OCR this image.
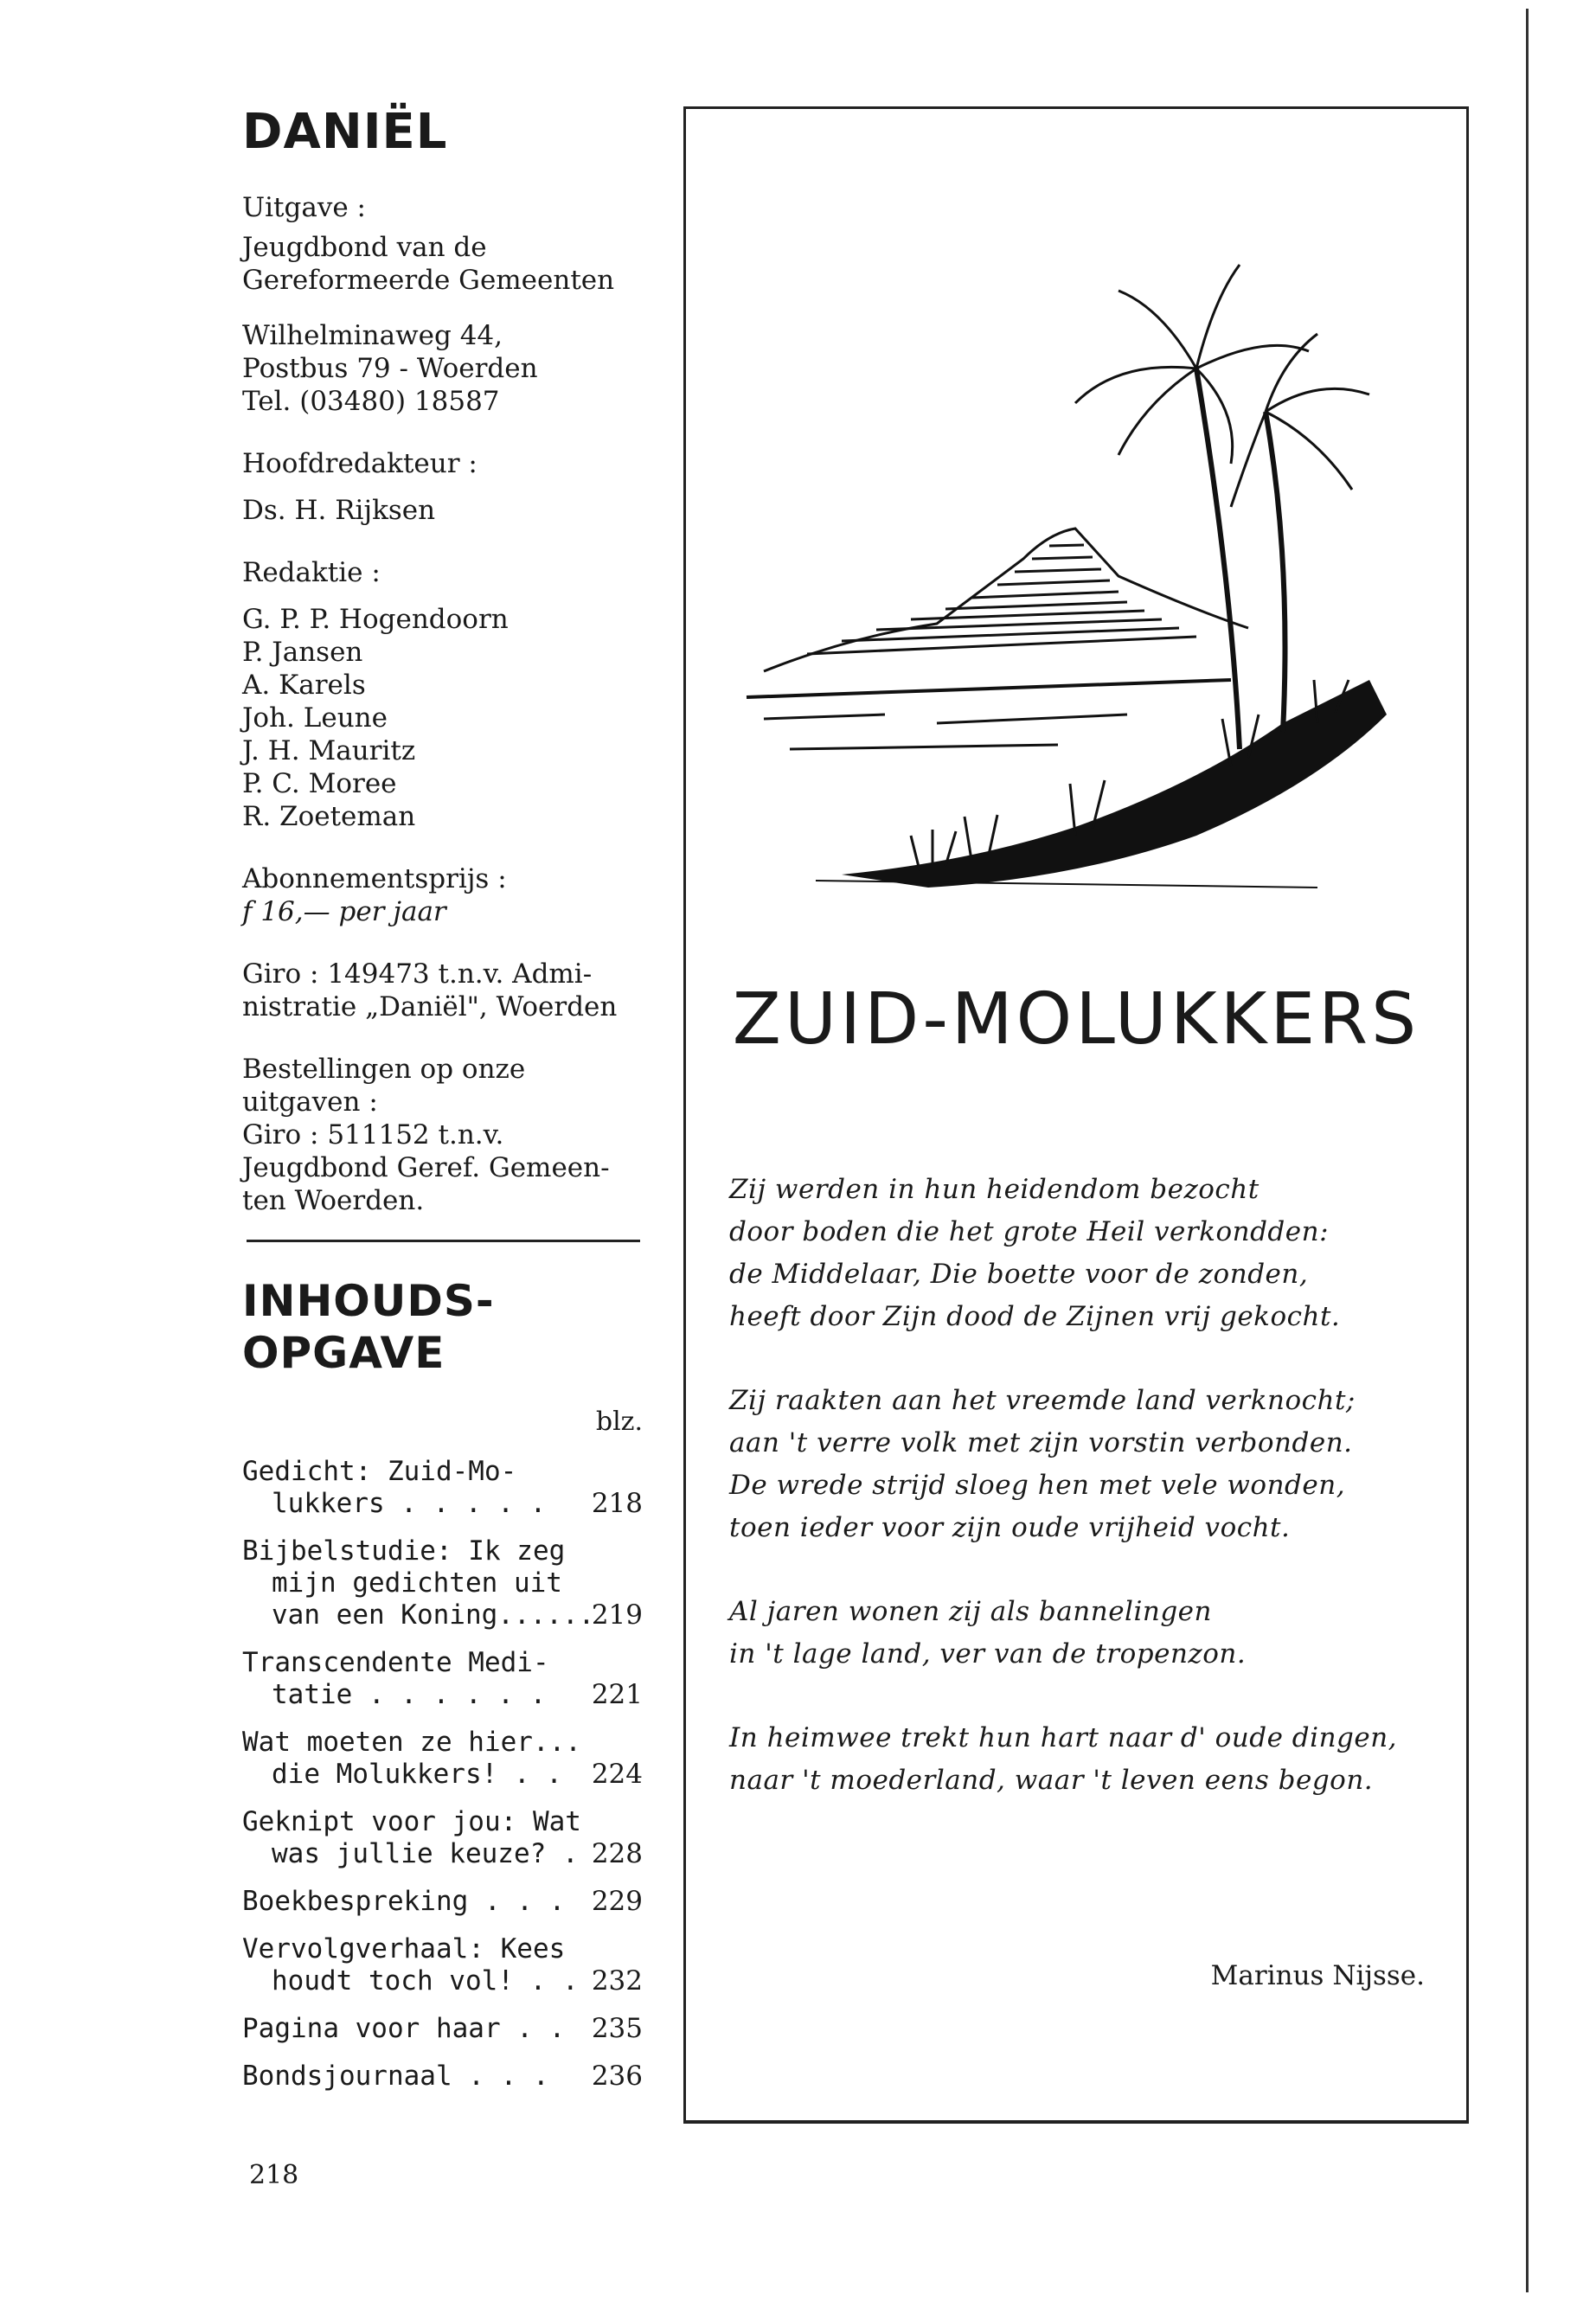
DANIËL
Uitgave :
Jeugdbond van de
Gereformeerde Gemeenten
Wilhelminaweg 44,
Postbus 79 - Woerden
Tel. (03480) 18587
Hoofdredakteur :
Ds. H. Rijksen
Redaktie :
G. P. P. Hogendoorn
P. Jansen
A. Karels
Joh. Leune
J. H. Mauritz
P. C. Moree
R. Zoeteman
Abonnementsprijs :
f 16,— per jaar
Giro : 149473 t.n.v. Admi-
nistratie „Daniël", Woerden
Bestellingen op onze
uitgaven :
Giro : 511152 t.n.v.
Jeugdbond Geref. Gemeen-
ten Woerden.
INHOUDS-
OPGAVE
blz.
Gedicht: Zuid-Mo-
lukkers . . . . .	218
Bijbelstudie: Ik zeg
mijn gedichten uit
van een Koning......
219
Transcendente Medi-
tatie . . . . . .	221
Wat moeten ze hier...
die Molukkers! . .	224
Geknipt voor jou: Wat
was jullie keuze? . 228
Boekbespreking . . . 229
Vervolgverhaal: Kees
houdt toch vol! . . 232
Pagina voor haar . . 235
Bondsjournaal . . .	236
218
ZUID-MOLUKKERS
Zij werden in hun heidendom bezocht
door boden die het grote Heil verkondden:
de Middelaar, Die boette voor de zonden,
heeft door Zijn dood de Zijnen vrij gekocht.
Zij raakten aan het vreemde land verknocht;
aan 't verre volk met zijn vorstin verbonden.
De wrede strijd sloeg hen met vele wonden,
toen ieder voor zijn oude vrijheid vocht.
Al jaren wonen zij als bannelingen
in 't lage land, ver van de tropenzon.
In heimwee trekt hun hart naar d' oude dingen,
naar 't moederland, waar 't leven eens begon.
Marinus Nijsse.
